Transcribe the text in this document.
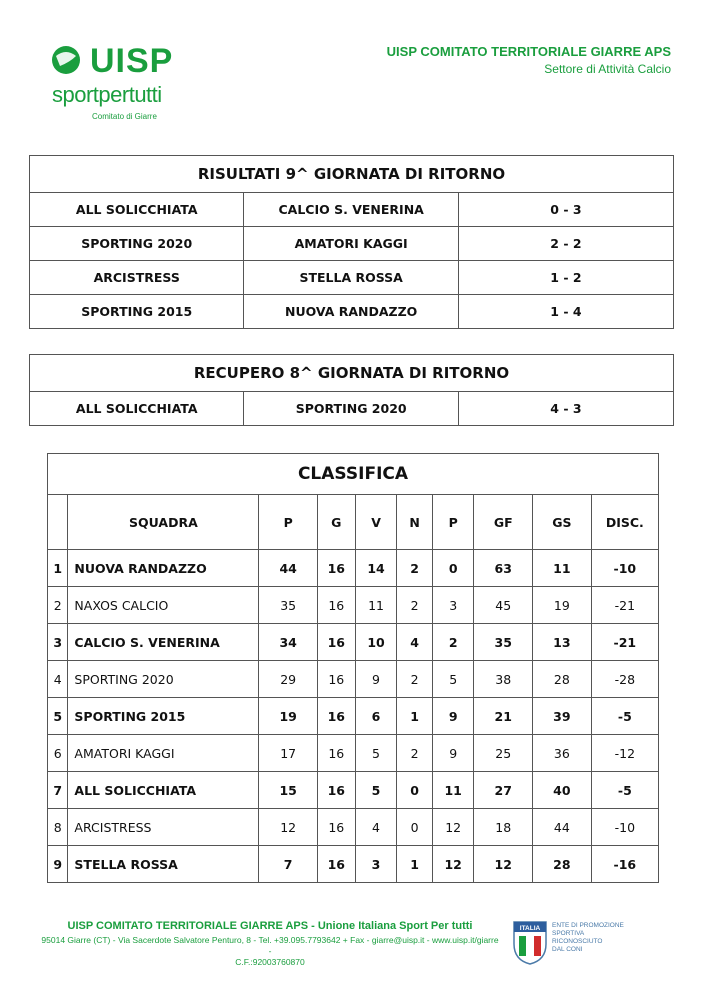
UISP
sportpertutti
Comitato di Giarre
UISP COMITATO TERRITORIALE GIARRE APS
Settore di Attività Calcio
RISULTATI 9^ GIORNATA DI RITORNO		
ALL SOLICCHIATA	CALCIO S. VENERINA	0 - 3
SPORTING 2020	AMATORI KAGGI	2 - 2
ARCISTRESS	STELLA ROSSA	1 - 2
SPORTING 2015	NUOVA RANDAZZO	1 - 4
RECUPERO 8^ GIORNATA DI RITORNO
ALL SOLICCHIATA	SPORTING 2020	4 - 3
CLASSIFICA									
	SQUADRA	P	G	V	N	P	GF	GS	DISC.
1	NUOVA RANDAZZO	44	16	14	2	0	63	11	-10
2	NAXOS CALCIO	35	16	11	2	3	45	19	-21
3	CALCIO S. VENERINA	34	16	10	4	2	35	13	-21
4	SPORTING 2020	29	16	9	2	5	38	28	-28
5	SPORTING 2015	19	16	6	1	9	21	39	-5
6	AMATORI KAGGI	17	16	5	2	9	25	36	-12
7	ALL SOLICCHIATA	15	16	5	0	11	27	40	-5
8	ARCISTRESS	12	16	4	0	12	18	44	-10
9	STELLA ROSSA	7	16	3	1	12	12	28	-16
UISP COMITATO TERRITORIALE GIARRE APS - Unione Italiana Sport Per tutti
95014 Giarre (CT) - Via Sacerdote Salvatore Penturo, 8 - Tel. +39.095.7793642 + Fax - giarre@uisp.it - www.uisp.it/giarre -
C.F.:92003760870
ITALIA ENTE DI PROMOZIONE
SPORTIVA
RICONOSCIUTO
DAL CONI
